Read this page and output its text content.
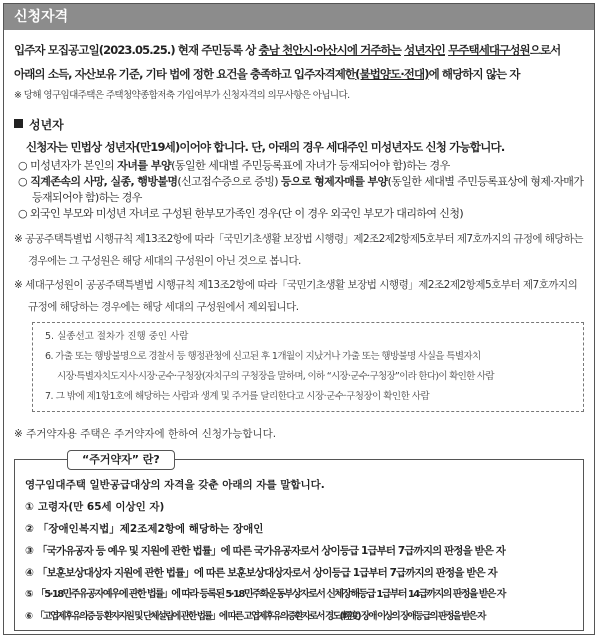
신청자격
입주자 모집공고일(2023.05.25.) 현재 주민등록 상 충남 천안시·아산시에 거주하는 성년자인 무주택세대구성원으로서
아래의 소득, 자산보유 기준, 기타 법에 정한 요건을 충족하고 입주자격제한(불법양도·전대)에 해당하지 않는 자
※ 당해 영구임대주택은 주택청약종합저축 가입여부가 신청자격의 의무사항은 아닙니다.
성년자
신청자는 민법상 성년자(만19세)이어야 합니다. 단, 아래의 경우 세대주인 미성년자도 신청 가능합니다.
○ 미성년자가 본인의 자녀를 부양(동일한 세대별 주민등록표에 자녀가 등재되어야 함)하는 경우
○ 직계존속의 사망, 실종, 행방불명(신고접수증으로 증빙) 등으로 형제자매를 부양(동일한 세대별 주민등록표상에 형제·자매가 등재되어야 함)하는 경우
○ 외국인 부모와 미성년 자녀로 구성된 한부모가족인 경우(단 이 경우 외국인 부모가 대리하여 신청)
※ 공공주택특별법 시행규칙 제13조2항에 따라「국민기초생활 보장법 시행령」제2조2제2항제5호부터 제7호까지의 규정에 해당하는 경우에는 그 구성원은 해당 세대의 구성원이 아닌 것으로 봅니다.
※ 세대구성원이 공공주택특별법 시행규칙 제13조2항에 따라「국민기초생활 보장법 시행령」제2조2제2항제5호부터 제7호까지의 규정에 해당하는 경우에는 해당 세대의 구성원에서 제외됩니다.
5. 실종선고 절차가 진행 중인 사람
6. 가출 또는 행방불명으로 경찰서 등 행정관청에 신고된 후 1개월이 지났거나 가출 또는 행방불명 사실을 특별자치
시장·특별자치도지사·시장·군수·구청장(자치구의 구청장을 말하며, 이하 “시장·군수·구청장”이라 한다)이 확인한 사람
7. 그 밖에 제1항1호에 해당하는 사람과 생계 및 주거를 달리한다고 시장·군수·구청장이 확인한 사람
※ 주거약자용 주택은 주거약자에 한하여 신청가능합니다.
“주거약자” 란?
영구임대주택 일반공급대상의 자격을 갖춘 아래의 자를 말합니다.
① 고령자(만 65세 이상인 자)
② 「장애인복지법」제2조제2항에 해당하는 장애인
③ 「국가유공자 등 예우 및 지원에 관한 법률」에 따른 국가유공자로서 상이등급 1급부터 7급까지의 판정을 받은 자
④ 「보훈보상대상자 지원에 관한 법률」에 따른 보훈보상대상자로서 상이등급 1급부터 7급까지의 판정을 받은 자
⑤ 「5·18민주유공자예우에 관한 법률」에 따라 등록된 5·18민주화운동부상자로서 신체장해등급 1급부터 14급까지의 판정을 받은 자
⑥ 「고엽제후유의증 등 환자지원 및 단체설립에 관한 법률」에 따른 고엽제후유의증환자로서 경도(輕度) 장애 이상의 장애등급의 판정을 받은 자
